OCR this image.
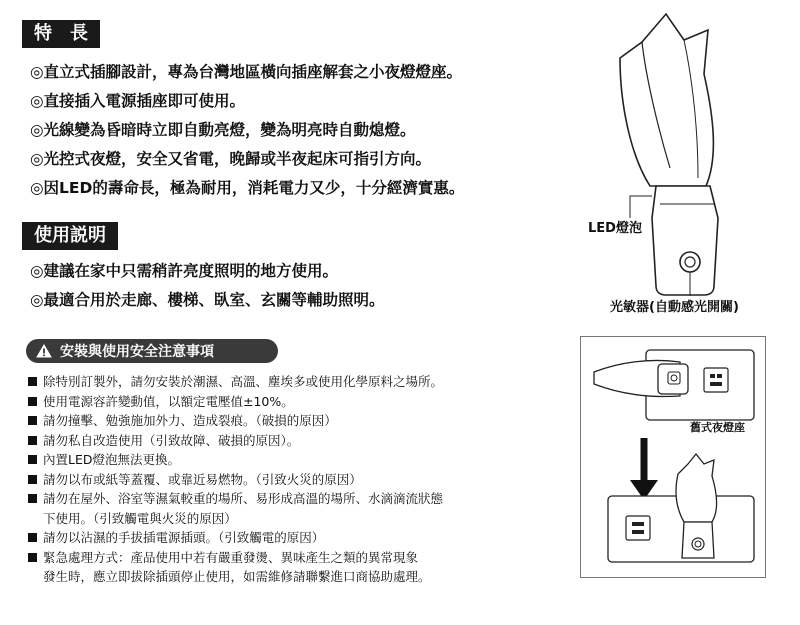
特　長
◎直立式插腳設計，專為台灣地區橫向插座解套之小夜燈燈座。
◎直接插入電源插座即可使用。
◎光線變為昏暗時立即自動亮燈，變為明亮時自動熄燈。
◎光控式夜燈，安全又省電，晚歸或半夜起床可指引方向。
◎因LED的壽命長，極為耐用，消耗電力又少，十分經濟實惠。
使用説明
◎建議在家中只需稍許亮度照明的地方使用。
◎最適合用於走廊、樓梯、臥室、玄關等輔助照明。
安裝與使用安全注意事項
除特別訂製外，請勿安裝於潮濕、高溫、塵埃多或使用化學原料之場所。
使用電源容許變動值，以額定電壓值±10%。
請勿撞擊、勉強施加外力、造成裂痕。（破損的原因）
請勿私自改造使用（引致故障、破損的原因）。
內置LED燈泡無法更換。
請勿以布或紙等蓋覆、或靠近易燃物。（引致火災的原因）
請勿在屋外、浴室等濕氣較重的場所、易形成高溫的場所、水滴滴流狀態
下使用。（引致觸電與火災的原因）
請勿以沾濕的手拔插電源插頭。（引致觸電的原因）
緊急處理方式：產品使用中若有嚴重發燙、異味產生之類的異常現象
發生時，應立即拔除插頭停止使用，如需維修請聯繫進口商協助處理。
LED燈泡
光敏器(自動感光開關)
舊式夜燈座
